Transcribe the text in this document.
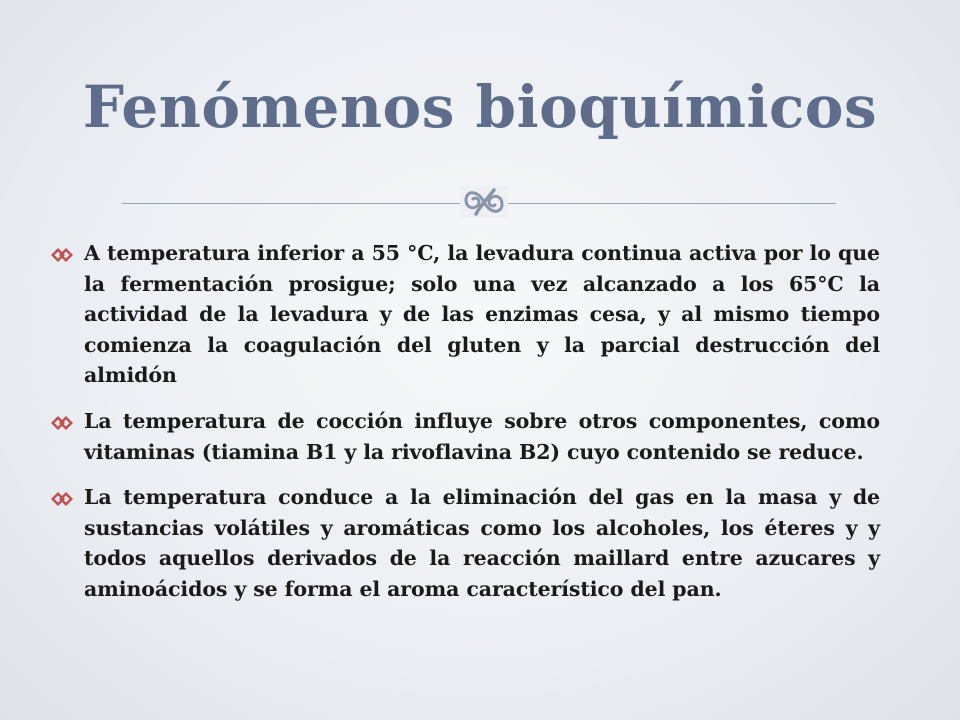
Fenómenos bioquímicos
A temperatura inferior a 55 °C, la levadura continua activa por lo que la fermentación prosigue; solo una vez alcanzado a los 65°C la actividad de la levadura y de las enzimas cesa, y al mismo tiempo comienza la coagulación del gluten y la parcial destrucción del almidón
La temperatura de cocción influye sobre otros componentes, como vitaminas (tiamina B1 y la rivoflavina B2) cuyo contenido se reduce.
La temperatura conduce a la eliminación del gas en la masa y de sustancias volátiles y aromáticas como los alcoholes, los éteres y y todos aquellos derivados de la reacción maillard entre azucares y aminoácidos y se forma el aroma característico del pan.
